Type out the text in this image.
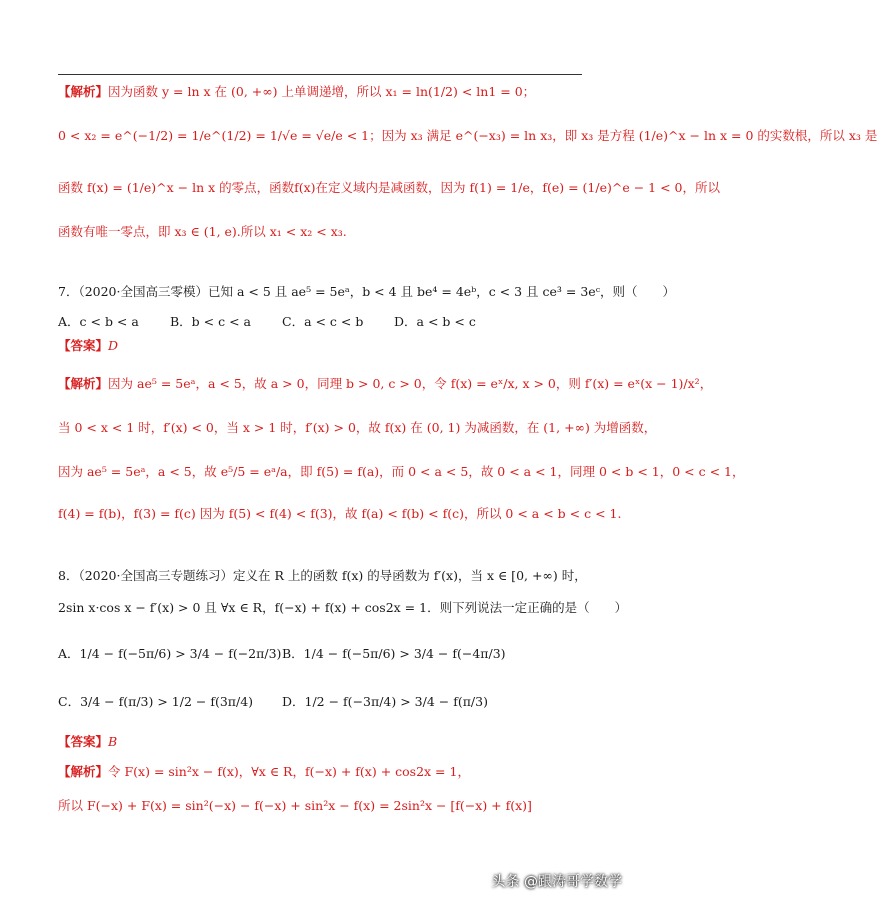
【解析】因为函数 y = ln x 在 (0, +∞) 上单调递增，所以 x₁ = ln(1/2) < ln1 = 0；
0 < x₂ = e^(−1/2) = 1/e^(1/2) = 1/√e = √e/e < 1；因为 x₃ 满足 e^(−x₃) = ln x₃，即 x₃ 是方程 (1/e)^x − ln x = 0 的实数根，所以 x₃ 是
函数 f(x) = (1/e)^x − ln x 的零点，函数f(x)在定义域内是减函数，因为 f(1) = 1/e，f(e) = (1/e)^e − 1 < 0，所以
函数有唯一零点，即 x₃ ∈ (1, e).所以 x₁ < x₂ < x₃.
7．（2020·全国高三零模）已知 a < 5 且 ae⁵ = 5eᵃ，b < 4 且 be⁴ = 4eᵇ，c < 3 且 ce³ = 3eᶜ，则（　　）
A．c < b < a B．b < c < a C．a < c < b D．a < b < c
【答案】D
【解析】因为 ae⁵ = 5eᵃ，a < 5，故 a > 0，同理 b > 0, c > 0，令 f(x) = eˣ/x, x > 0，则 f′(x) = eˣ(x − 1)/x²，
当 0 < x < 1 时，f′(x) < 0，当 x > 1 时，f′(x) > 0，故 f(x) 在 (0, 1) 为减函数，在 (1, +∞) 为增函数，
因为 ae⁵ = 5eᵃ，a < 5，故 e⁵/5 = eᵃ/a，即 f(5) = f(a)，而 0 < a < 5，故 0 < a < 1，同理 0 < b < 1，0 < c < 1，
f(4) = f(b)，f(3) = f(c) 因为 f(5) < f(4) < f(3)，故 f(a) < f(b) < f(c)，所以 0 < a < b < c < 1.
8．（2020·全国高三专题练习）定义在 R 上的函数 f(x) 的导函数为 f′(x)，当 x ∈ [0, +∞) 时，
2sin x·cos x − f′(x) > 0 且 ∀x ∈ R，f(−x) + f(x) + cos2x = 1．则下列说法一定正确的是（　　）
A．1/4 − f(−5π/6) > 3/4 − f(−2π/3) B．1/4 − f(−5π/6) > 3/4 − f(−4π/3)
C．3/4 − f(π/3) > 1/2 − f(3π/4) D．1/2 − f(−3π/4) > 3/4 − f(π/3)
【答案】B
【解析】令 F(x) = sin²x − f(x)，∀x ∈ R，f(−x) + f(x) + cos2x = 1，
所以 F(−x) + F(x) = sin²(−x) − f(−x) + sin²x − f(x) = 2sin²x − [f(−x) + f(x)]
头条 @跟涛哥学数学
